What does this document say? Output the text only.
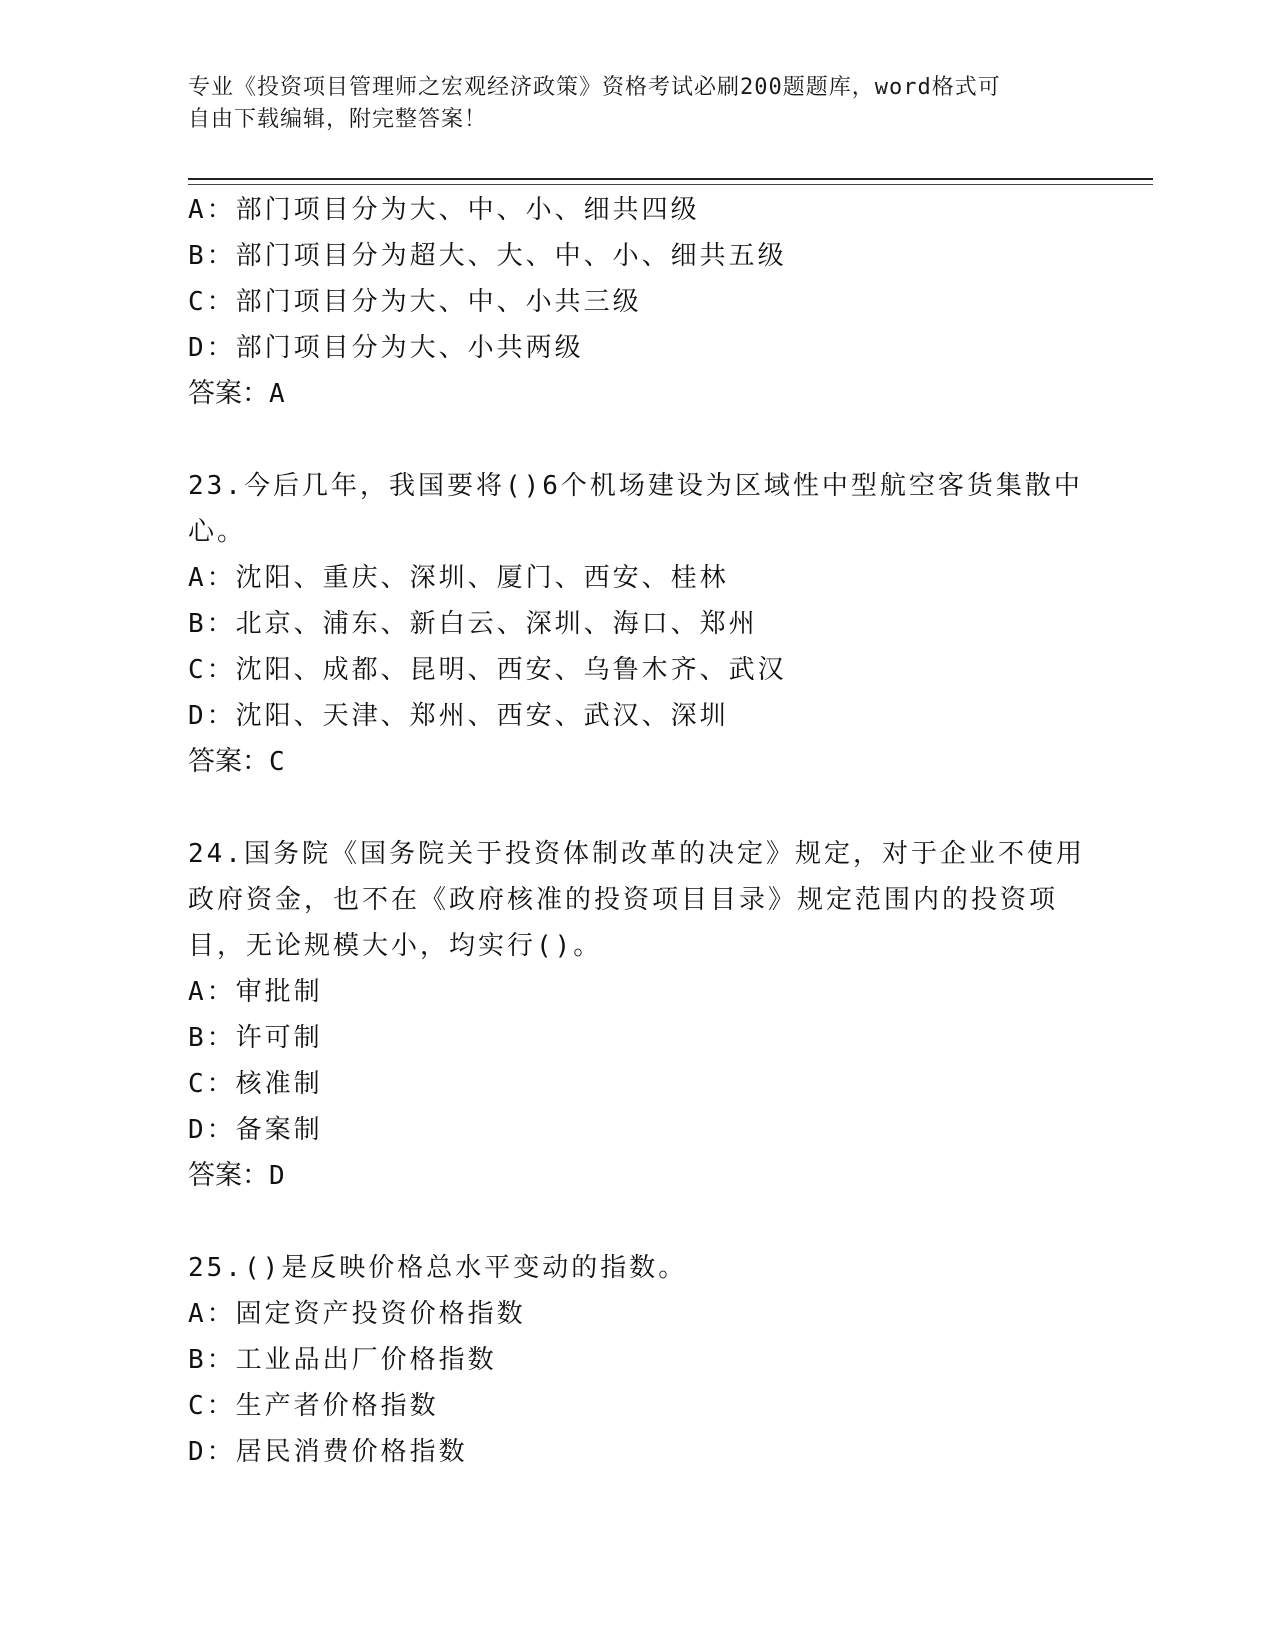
专业《投资项目管理师之宏观经济政策》资格考试必刷200题题库，word格式可
自由下载编辑，附完整答案！
A：部门项目分为大、中、小、细共四级
B：部门项目分为超大、大、中、小、细共五级
C：部门项目分为大、中、小共三级
D：部门项目分为大、小共两级
答案：A
23.今后几年，我国要将()6个机场建设为区域性中型航空客货集散中
心。
A：沈阳、重庆、深圳、厦门、西安、桂林
B：北京、浦东、新白云、深圳、海口、郑州
C：沈阳、成都、昆明、西安、乌鲁木齐、武汉
D：沈阳、天津、郑州、西安、武汉、深圳
答案：C
24.国务院《国务院关于投资体制改革的决定》规定，对于企业不使用
政府资金，也不在《政府核准的投资项目目录》规定范围内的投资项
目，无论规模大小，均实行()。
A：审批制
B：许可制
C：核准制
D：备案制
答案：D
25.()是反映价格总水平变动的指数。
A：固定资产投资价格指数
B：工业品出厂价格指数
C：生产者价格指数
D：居民消费价格指数
